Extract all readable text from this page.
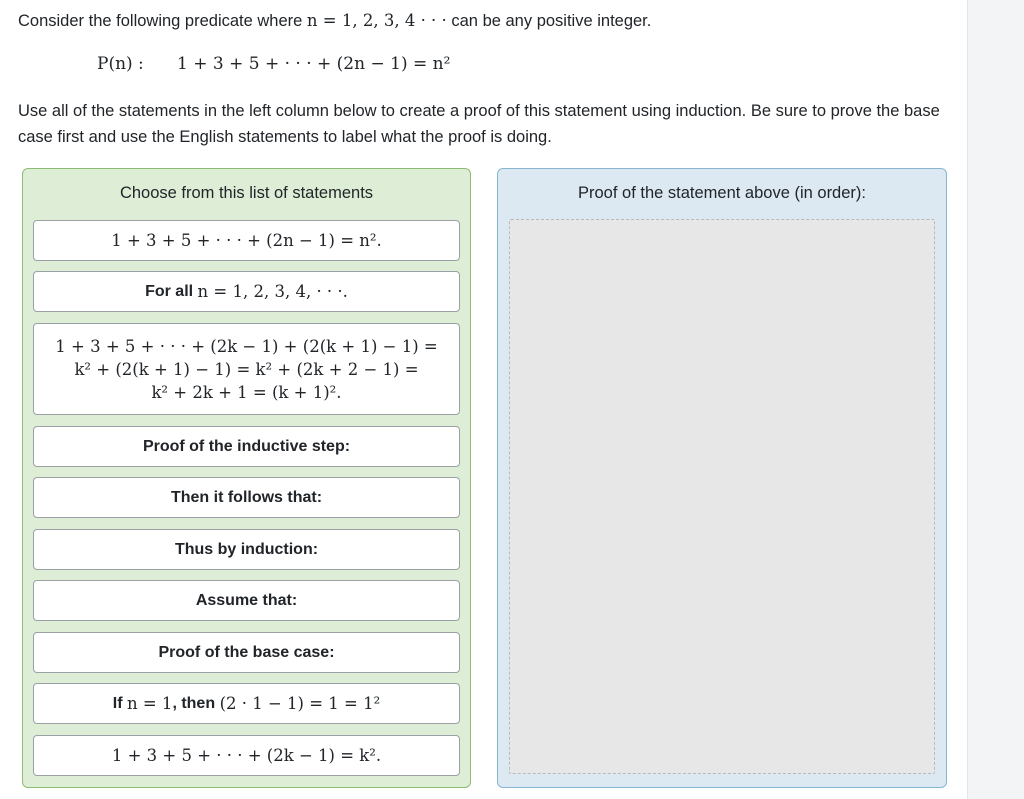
Consider the following predicate where n = 1, 2, 3, 4 · · · can be any positive integer.
P(n) : 1 + 3 + 5 + · · · + (2n − 1) = n²
Use all of the statements in the left column below to create a proof of this statement using induction. Be sure to prove the base case first and use the English statements to label what the proof is doing.
Choose from this list of statements
1 + 3 + 5 + · · · + (2n − 1) = n².
For all
n = 1, 2, 3, 4, · · ·.
1 + 3 + 5 + · · · + (2k − 1) + (2(k + 1) − 1) =
k² + (2(k + 1) − 1) = k² + (2k + 2 − 1) =
k² + 2k + 1 = (k + 1)².
Proof of the inductive step:
Then it follows that:
Thus by induction:
Assume that:
Proof of the base case:
If
n = 1 , then
(2 · 1 − 1) = 1 = 1²
1 + 3 + 5 + · · · + (2k − 1) = k².
Proof of the statement above (in order):
